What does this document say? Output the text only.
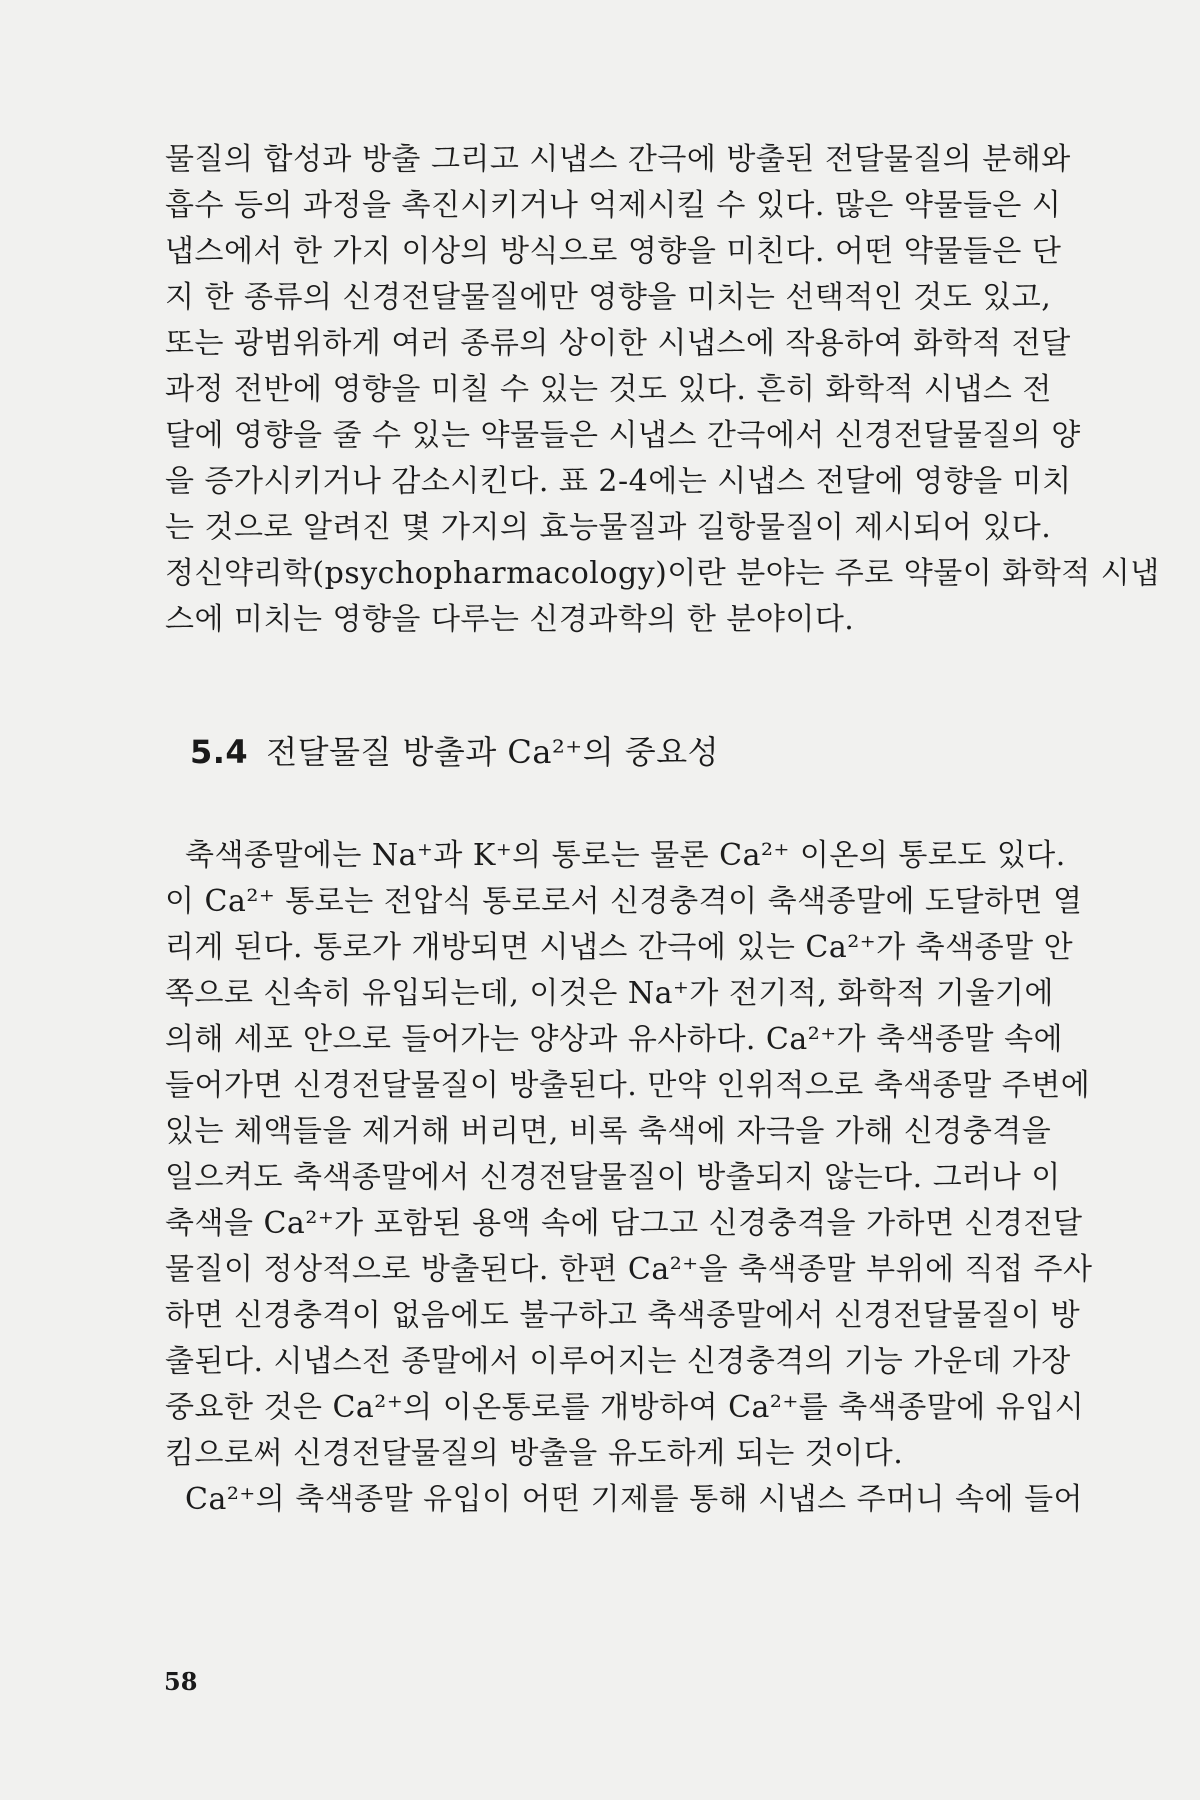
물질의 합성과 방출 그리고 시냅스 간극에 방출된 전달물질의 분해와
흡수 등의 과정을 촉진시키거나 억제시킬 수 있다. 많은 약물들은 시
냅스에서 한 가지 이상의 방식으로 영향을 미친다. 어떤 약물들은 단
지 한 종류의 신경전달물질에만 영향을 미치는 선택적인 것도 있고,
또는 광범위하게 여러 종류의 상이한 시냅스에 작용하여 화학적 전달
과정 전반에 영향을 미칠 수 있는 것도 있다. 흔히 화학적 시냅스 전
달에 영향을 줄 수 있는 약물들은 시냅스 간극에서 신경전달물질의 양
을 증가시키거나 감소시킨다. 표 2-4에는 시냅스 전달에 영향을 미치
는 것으로 알려진 몇 가지의 효능물질과 길항물질이 제시되어 있다.
정신약리학(psychopharmacology)이란 분야는 주로 약물이 화학적 시냅
스에 미치는 영향을 다루는 신경과학의 한 분야이다.
5.4 전달물질 방출과 Ca²⁺의 중요성
축색종말에는 Na⁺과 K⁺의 통로는 물론 Ca²⁺ 이온의 통로도 있다.
이 Ca²⁺ 통로는 전압식 통로로서 신경충격이 축색종말에 도달하면 열
리게 된다. 통로가 개방되면 시냅스 간극에 있는 Ca²⁺가 축색종말 안
쪽으로 신속히 유입되는데, 이것은 Na⁺가 전기적, 화학적 기울기에
의해 세포 안으로 들어가는 양상과 유사하다. Ca²⁺가 축색종말 속에
들어가면 신경전달물질이 방출된다. 만약 인위적으로 축색종말 주변에
있는 체액들을 제거해 버리면, 비록 축색에 자극을 가해 신경충격을
일으켜도 축색종말에서 신경전달물질이 방출되지 않는다. 그러나 이
축색을 Ca²⁺가 포함된 용액 속에 담그고 신경충격을 가하면 신경전달
물질이 정상적으로 방출된다. 한편 Ca²⁺을 축색종말 부위에 직접 주사
하면 신경충격이 없음에도 불구하고 축색종말에서 신경전달물질이 방
출된다. 시냅스전 종말에서 이루어지는 신경충격의 기능 가운데 가장
중요한 것은 Ca²⁺의 이온통로를 개방하여 Ca²⁺를 축색종말에 유입시
킴으로써 신경전달물질의 방출을 유도하게 되는 것이다.
Ca²⁺의 축색종말 유입이 어떤 기제를 통해 시냅스 주머니 속에 들어
58
